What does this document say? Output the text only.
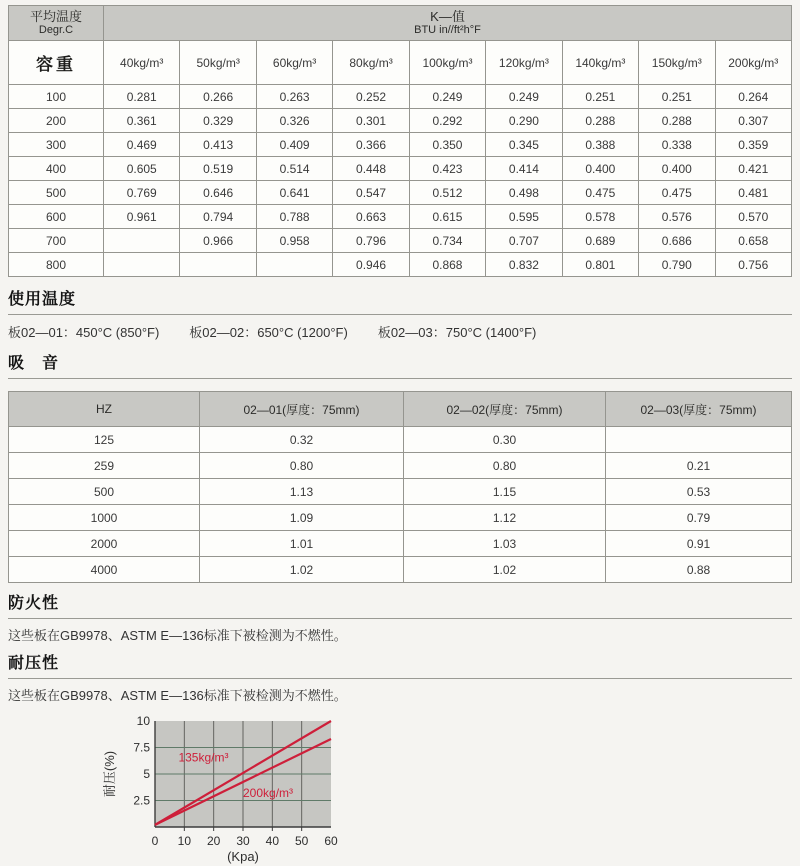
平均温度
Degr.C

K—值
BTU in//ft²h°F

容重	40kg/m³	50kg/m³	60kg/m³	80kg/m³	100kg/m³	120kg/m³	140kg/m³	150kg/m³	200kg/m³
100	0.281	0.266	0.263	0.252	0.249	0.249	0.251	0.251	0.264
200	0.361	0.329	0.326	0.301	0.292	0.290	0.288	0.288	0.307
300	0.469	0.413	0.409	0.366	0.350	0.345	0.388	0.338	0.359
400	0.605	0.519	0.514	0.448	0.423	0.414	0.400	0.400	0.421
500	0.769	0.646	0.641	0.547	0.512	0.498	0.475	0.475	0.481
600	0.961	0.794	0.788	0.663	0.615	0.595	0.578	0.576	0.570
700		0.966	0.958	0.796	0.734	0.707	0.689	0.686	0.658
800				0.946	0.868	0.832	0.801	0.790	0.756
使用温度
板02—01：450°C (850°F) 板02—02：650°C (1200°F) 板02—03：750°C (1400°F)
吸　音
HZ	02—01(厚度：75mm)	02—02(厚度：75mm)	02—03(厚度：75mm)
125	0.32	0.30	
259	0.80	0.80	0.21
500	1.13	1.15	0.53
1000	1.09	1.12	0.79
2000	1.01	1.03	0.91
4000	1.02	1.02	0.88
防火性
这些板在GB9978、ASTM E—136标准下被检测为不燃性。
耐压性
这些板在GB9978、ASTM E—136标准下被检测为不燃性。
2.5
5
7.5
10
0 10 20 30 40 50 60
(Kpa)
耐压(%)	135kg/m³
200kg/m³
